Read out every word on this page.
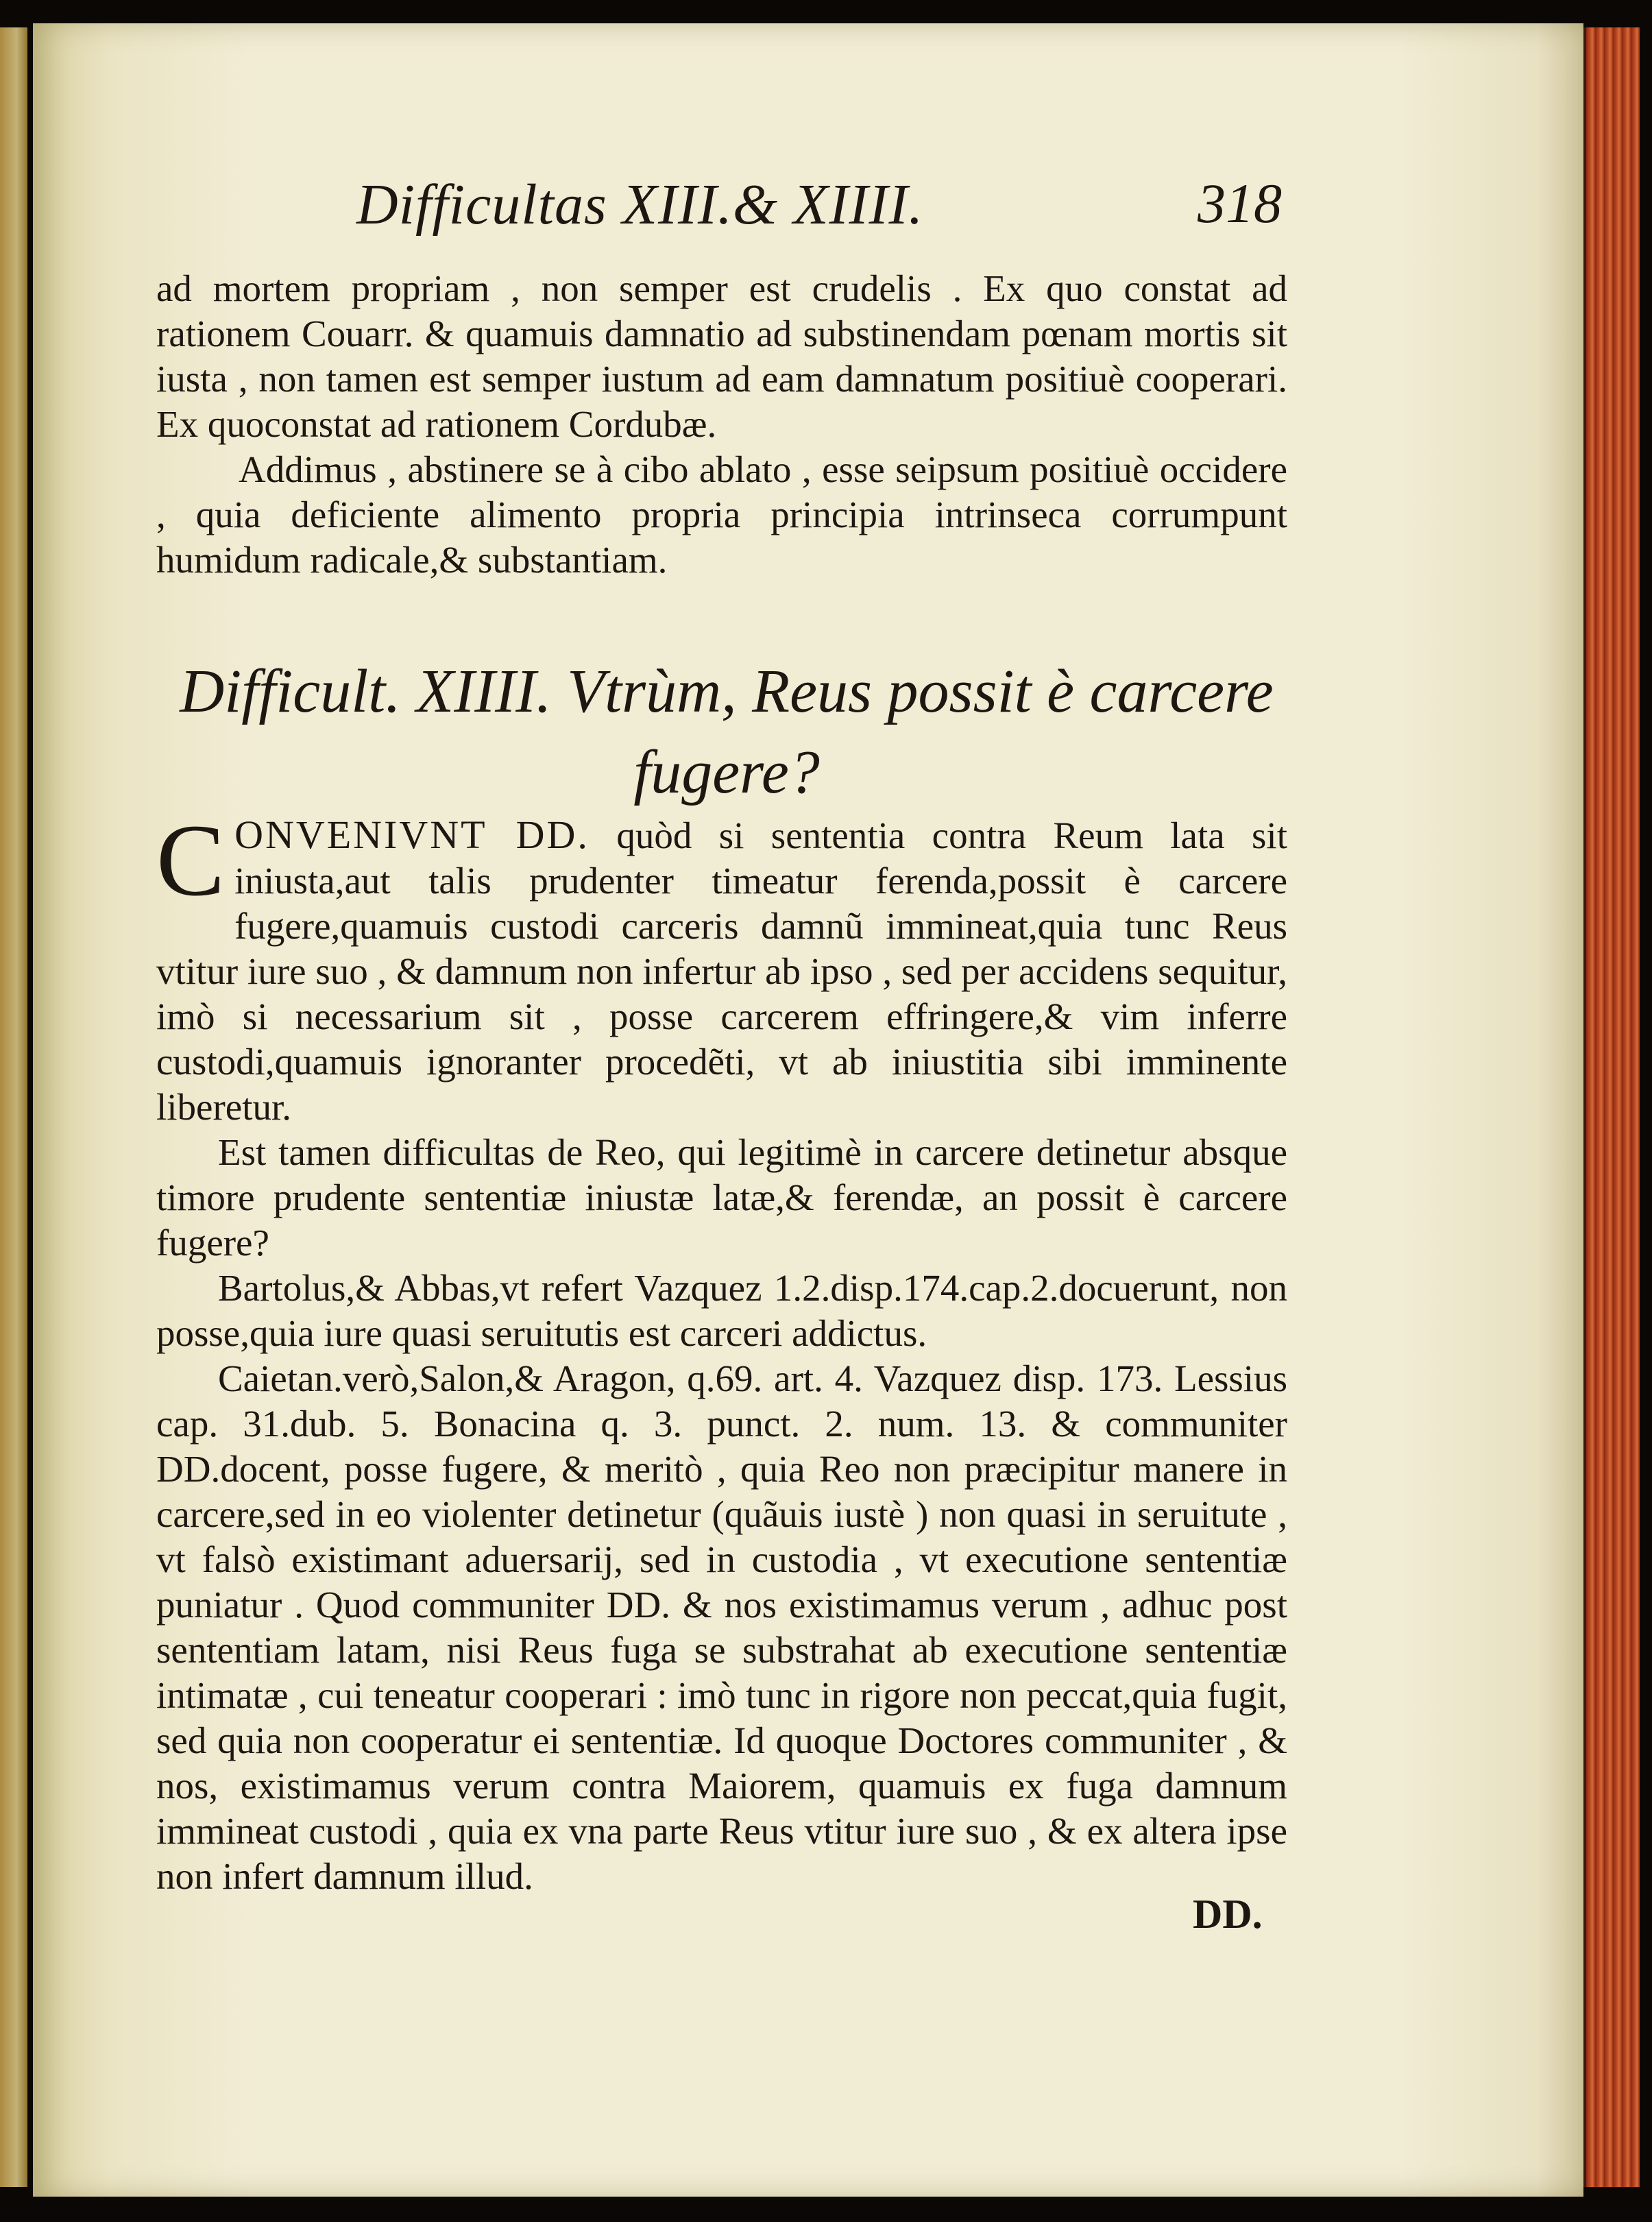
Difficultas XIII.& XIIII.	318

ad mortem propriam , non semper est crudelis . Ex quo constat ad rationem Couarr. & quamuis damnatio ad substinendam pœnam mortis sit iusta , non tamen est semper iustum ad eam damnatum positiuè cooperari. Ex quoconstat ad rationem Cordubæ.

Addimus , abstinere se à cibo ablato , esse seipsum positiuè occidere , quia deficiente alimento propria principia intrinseca corrumpunt humidum radicale,& substantiam.

Difficult. XIIII. Vtrùm, Reus possit è carcere fugere?

CONVENIVNT DD. quòd si sententia contra Reum lata sit iniusta,aut talis prudenter timeatur ferenda,possit è carcere fugere,quamuis custodi carceris damnũ immineat,quia tunc Reus vtitur iure suo , & damnum non infertur ab ipso , sed per accidens sequitur, imò si necessarium sit , posse carcerem effringere,& vim inferre custodi,quamuis ignoranter procedẽti, vt ab iniustitia sibi imminente liberetur.

Est tamen difficultas de Reo, qui legitimè in carcere detinetur absque timore prudente sententiæ iniustæ latæ,& ferendæ, an possit è carcere fugere?

Bartolus,& Abbas,vt refert Vazquez 1.2.disp.174.cap.2.docuerunt, non posse,quia iure quasi seruitutis est carceri addictus.

Caietan.verò,Salon,& Aragon, q.69. art. 4. Vazquez disp. 173. Lessius cap. 31.dub. 5. Bonacina q. 3. punct. 2. num. 13. & communiter DD.docent, posse fugere, & meritò , quia Reo non præcipitur manere in carcere,sed in eo violenter detinetur (quãuis iustè ) non quasi in seruitute , vt falsò existimant aduersarij, sed in custodia , vt executione sententiæ puniatur . Quod communiter DD. & nos existimamus verum , adhuc post sententiam latam, nisi Reus fuga se substrahat ab executione sententiæ intimatæ , cui teneatur cooperari : imò tunc in rigore non peccat,quia fugit, sed quia non cooperatur ei sententiæ. Id quoque Doctores communiter , & nos, existimamus verum contra Maiorem, quamuis ex fuga damnum immineat custodi , quia ex vna parte Reus vtitur iure suo , & ex altera ipse non infert damnum illud.

DD.
